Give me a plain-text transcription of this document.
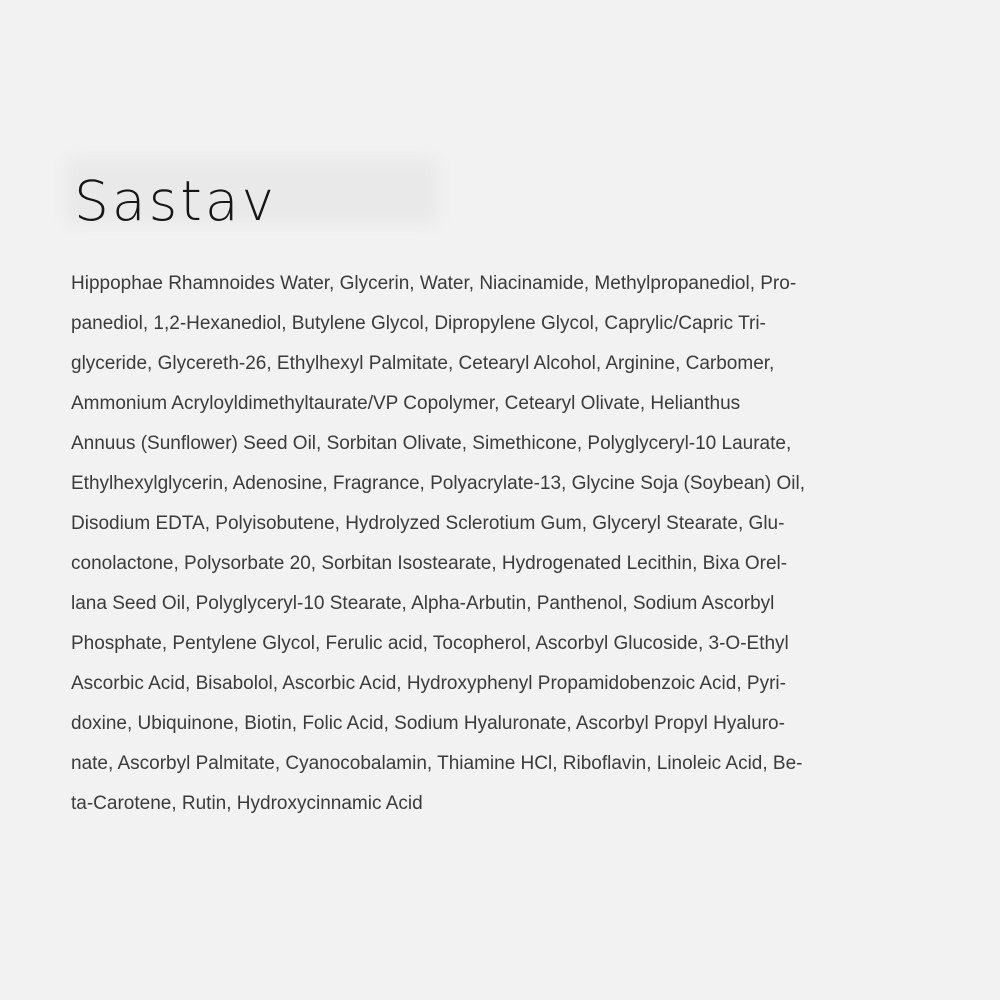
Sastav

Hippophae Rhamnoides Water, Glycerin, Water, Niacinamide, Methylpropanediol, Pro-
panediol, 1,2-Hexanediol, Butylene Glycol, Dipropylene Glycol, Caprylic/Capric Tri-
glyceride, Glycereth-26, Ethylhexyl Palmitate, Cetearyl Alcohol, Arginine, Carbomer,
Ammonium Acryloyldimethyltaurate/VP Copolymer, Cetearyl Olivate, Helianthus
Annuus (Sunflower) Seed Oil, Sorbitan Olivate, Simethicone, Polyglyceryl-10 Laurate,
Ethylhexylglycerin, Adenosine, Fragrance, Polyacrylate-13, Glycine Soja (Soybean) Oil,
Disodium EDTA, Polyisobutene, Hydrolyzed Sclerotium Gum, Glyceryl Stearate, Glu-
conolactone, Polysorbate 20, Sorbitan Isostearate, Hydrogenated Lecithin, Bixa Orel-
lana Seed Oil, Polyglyceryl-10 Stearate, Alpha-Arbutin, Panthenol, Sodium Ascorbyl
Phosphate, Pentylene Glycol, Ferulic acid, Tocopherol, Ascorbyl Glucoside, 3-O-Ethyl
Ascorbic Acid, Bisabolol, Ascorbic Acid, Hydroxyphenyl Propamidobenzoic Acid, Pyri-
doxine, Ubiquinone, Biotin, Folic Acid, Sodium Hyaluronate, Ascorbyl Propyl Hyaluro-
nate, Ascorbyl Palmitate, Cyanocobalamin, Thiamine HCl, Riboflavin, Linoleic Acid, Be-
ta-Carotene, Rutin, Hydroxycinnamic Acid
